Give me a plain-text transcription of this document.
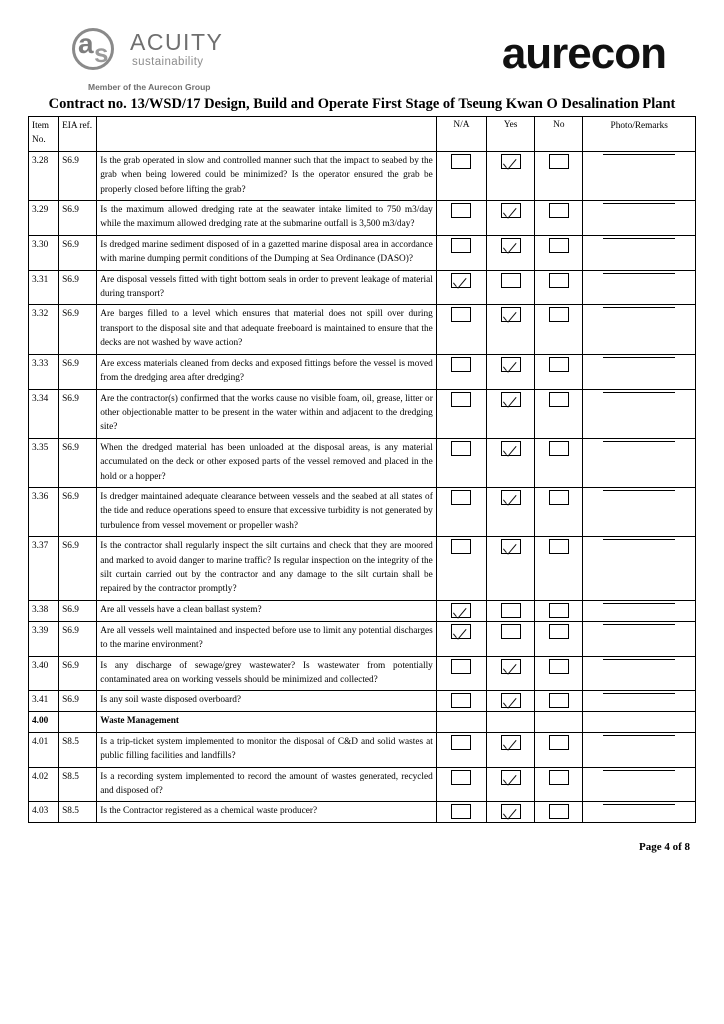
a s ACUITY
sustainability
Member of the Aurecon Group
aurecon
Contract no. 13/WSD/17 Design, Build and Operate First Stage of Tseung Kwan O Desalination Plant
Item
No.	EIA ref.		N/A	Yes	No	Photo/Remarks
3.28	S6.9	Is the grab operated in slow and controlled manner such that the impact to seabed by the grab when being lowered could be minimized? Is the operator ensured the grab be properly closed before lifting the grab?	

3.29	S6.9	Is the maximum allowed dredging rate at the seawater intake limited to 750 m3/day while the maximum allowed dredging rate at the submarine outfall is 3,500 m3/day?	

3.30	S6.9	Is dredged marine sediment disposed of in a gazetted marine disposal area in accordance with marine dumping permit conditions of the Dumping at Sea Ordinance (DASO)?	

3.31	S6.9	Are disposal vessels fitted with tight bottom seals in order to prevent leakage of material during transport?	

3.32	S6.9	Are barges filled to a level which ensures that material does not spill over during transport to the disposal site and that adequate freeboard is maintained to ensure that the decks are not washed by wave action?	

3.33	S6.9	Are excess materials cleaned from decks and exposed fittings before the vessel is moved from the dredging area after dredging?	

3.34	S6.9	Are the contractor(s) confirmed that the works cause no visible foam, oil, grease, litter or other objectionable matter to be present in the water within and adjacent to the dredging site?	

3.35	S6.9	When the dredged material has been unloaded at the disposal areas, is any material accumulated on the deck or other exposed parts of the vessel removed and placed in the hold or a hopper?	

3.36	S6.9	Is dredger maintained adequate clearance between vessels and the seabed at all states of the tide and reduce operations speed to ensure that excessive turbidity is not generated by turbulence from vessel movement or propeller wash?	

3.37	S6.9	Is the contractor shall regularly inspect the silt curtains and check that they are moored and marked to avoid danger to marine traffic? Is regular inspection on the integrity of the silt curtain carried out by the contractor and any damage to the silt curtain shall be repaired by the contractor promptly?	

3.38	S6.9	Are all vessels have a clean ballast system?	

3.39	S6.9	Are all vessels well maintained and inspected before use to limit any potential discharges to the marine environment?	

3.40	S6.9	Is any discharge of sewage/grey wastewater? Is wastewater from potentially contaminated area on working vessels should be minimized and collected?	

3.41	S6.9	Is any soil waste disposed overboard?	

4.00		Waste Management				
4.01	S8.5	Is a trip-ticket system implemented to monitor the disposal of C&D and solid wastes at public filling facilities and landfills?	

4.02	S8.5	Is a recording system implemented to record the amount of wastes generated, recycled and disposed of?	

4.03	S8.5	Is the Contractor registered as a chemical waste producer?	

Page 4 of 8
